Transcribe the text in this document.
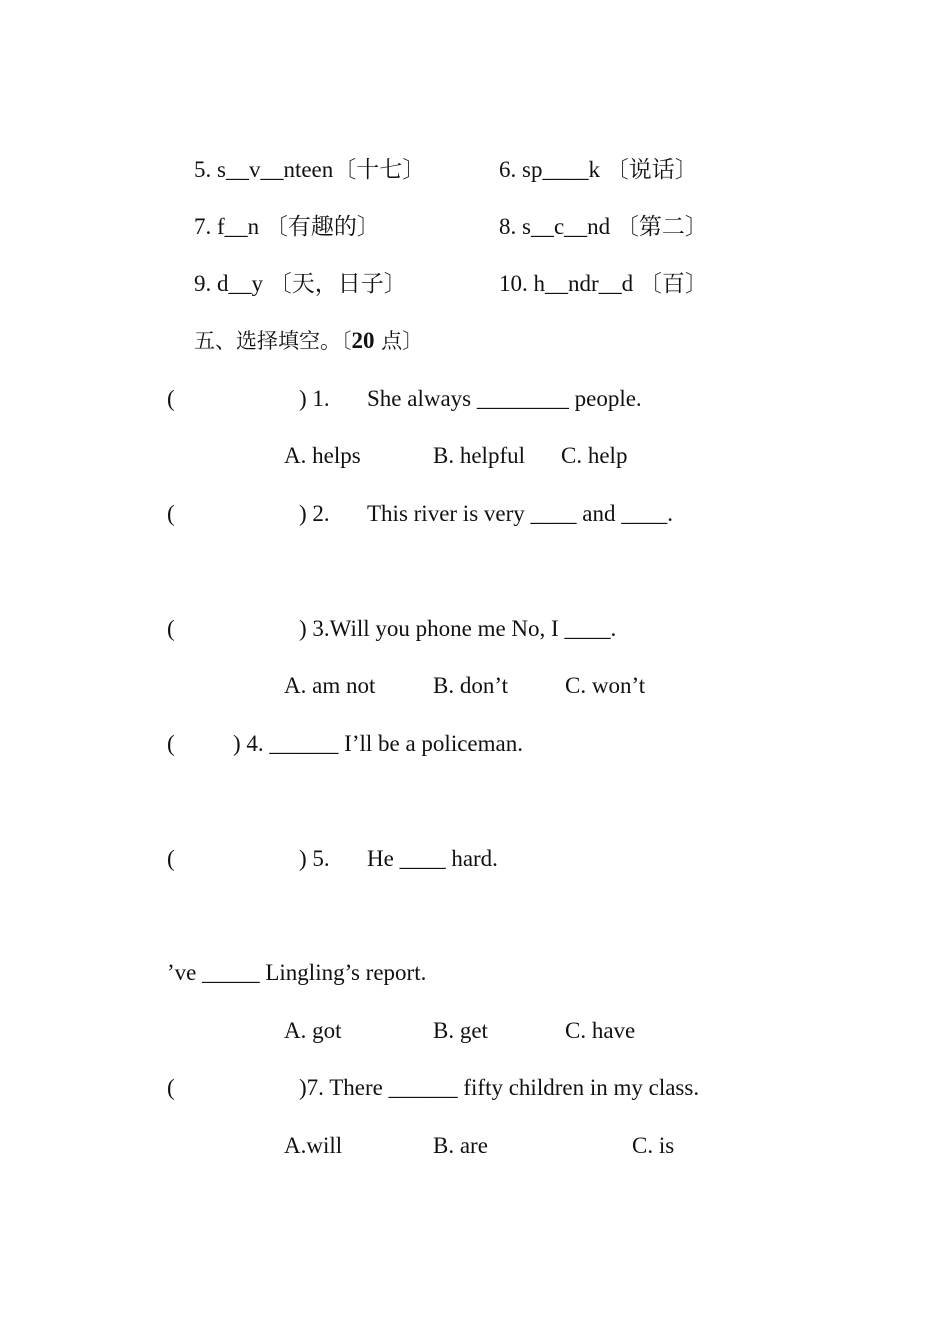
5. s__v__nteen〔十七〕	6. sp____k 〔说话〕
7. f__n 〔有趣的〕	8. s__c__nd 〔第二〕
9. d__y 〔天，日子〕	10. h__ndr__d 〔百〕
五、选择填空。〔20 点〕
(	) 1. She always ________ people.
A. helps	B. helpful C. help
(	) 2. This river is very ____ and ____.
(	) 3.Will you phone me No, I ____.
A. am not	B. don’t C. won’t
(	) 4. ______ I’ll be a policeman.
(	) 5. He ____ hard.
’ve _____ Lingling’s report.
A. got	B. get	C. have
(	)7. There ______ fifty children in my class.
A.will	B. are	C. is
